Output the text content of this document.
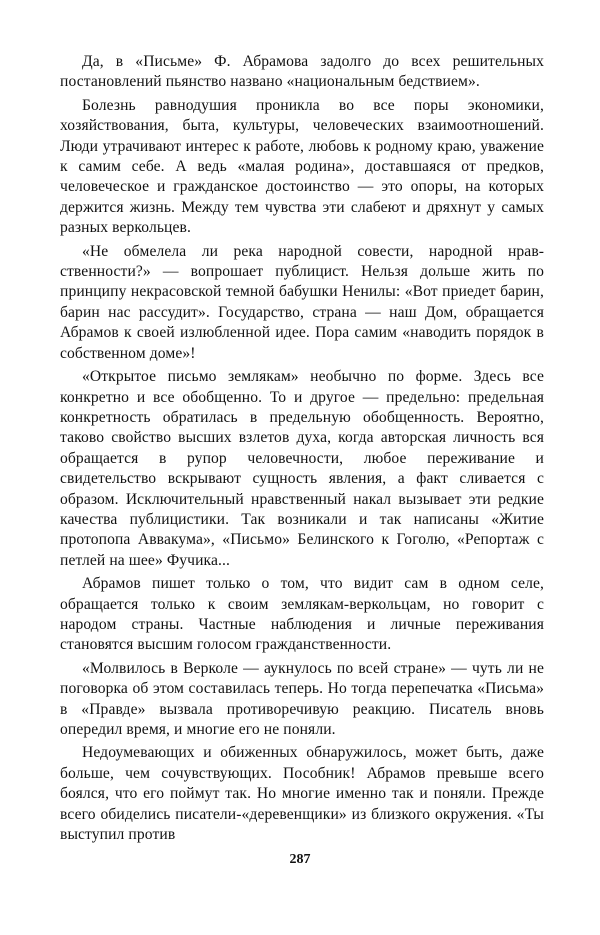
Да, в «Письме» Ф. Абрамова задолго до всех решительных постановлений пьянство названо «национальным бедствием».

Болезнь равнодушия проникла во все поры экономики, хозяйствования, быта, культуры, человеческих взаимоотношений. Люди утрачивают интерес к работе, любовь к родному краю, уважение к самим себе. А ведь «малая родина», доставшаяся от предков, человеческое и гражданское достоинство — это опоры, на которых держится жизнь. Между тем чувства эти слабеют и дряхнут у самых разных веркольцев.

«Не обмелела ли река народной совести, народной нравственности?» — вопрошает публицист. Нельзя дольше жить по принципу некрасовской темной бабушки Ненилы: «Вот приедет барин, барин нас рассудит». Государство, страна — наш Дом, обращается Абрамов к своей излюбленной идее. Пора самим «наводить порядок в собственном доме»!

«Открытое письмо землякам» необычно по форме. Здесь все конкретно и все обобщенно. То и другое — предельно: предельная конкретность обратилась в предельную обобщенность. Вероятно, таково свойство высших взлетов духа, когда авторская личность вся обращается в рупор человечности, любое переживание и свидетельство вскрывают сущность явления, а факт сливается с образом. Исключительный нравственный накал вызывает эти редкие качества публицистики. Так возникали и так написаны «Житие протопопа Аввакума», «Письмо» Белинского к Гоголю, «Репортаж с петлей на шее» Фучика...

Абрамов пишет только о том, что видит сам в одном селе, обращается только к своим землякам-веркольцам, но говорит с народом страны. Частные наблюдения и личные переживания становятся высшим голосом гражданственности.

«Молвилось в Верколе — аукнулось по всей стране» — чуть ли не поговорка об этом составилась теперь. Но тогда перепечатка «Письма» в «Правде» вызвала противоречивую реакцию. Писатель вновь опередил время, и многие его не поняли.

Недоумевающих и обиженных обнаружилось, может быть, даже больше, чем сочувствующих. Пособник! Абрамов превыше всего боялся, что его поймут так. Но многие именно так и поняли. Прежде всего обиделись писатели-«деревенщики» из близкого окружения. «Ты выступил против

287
